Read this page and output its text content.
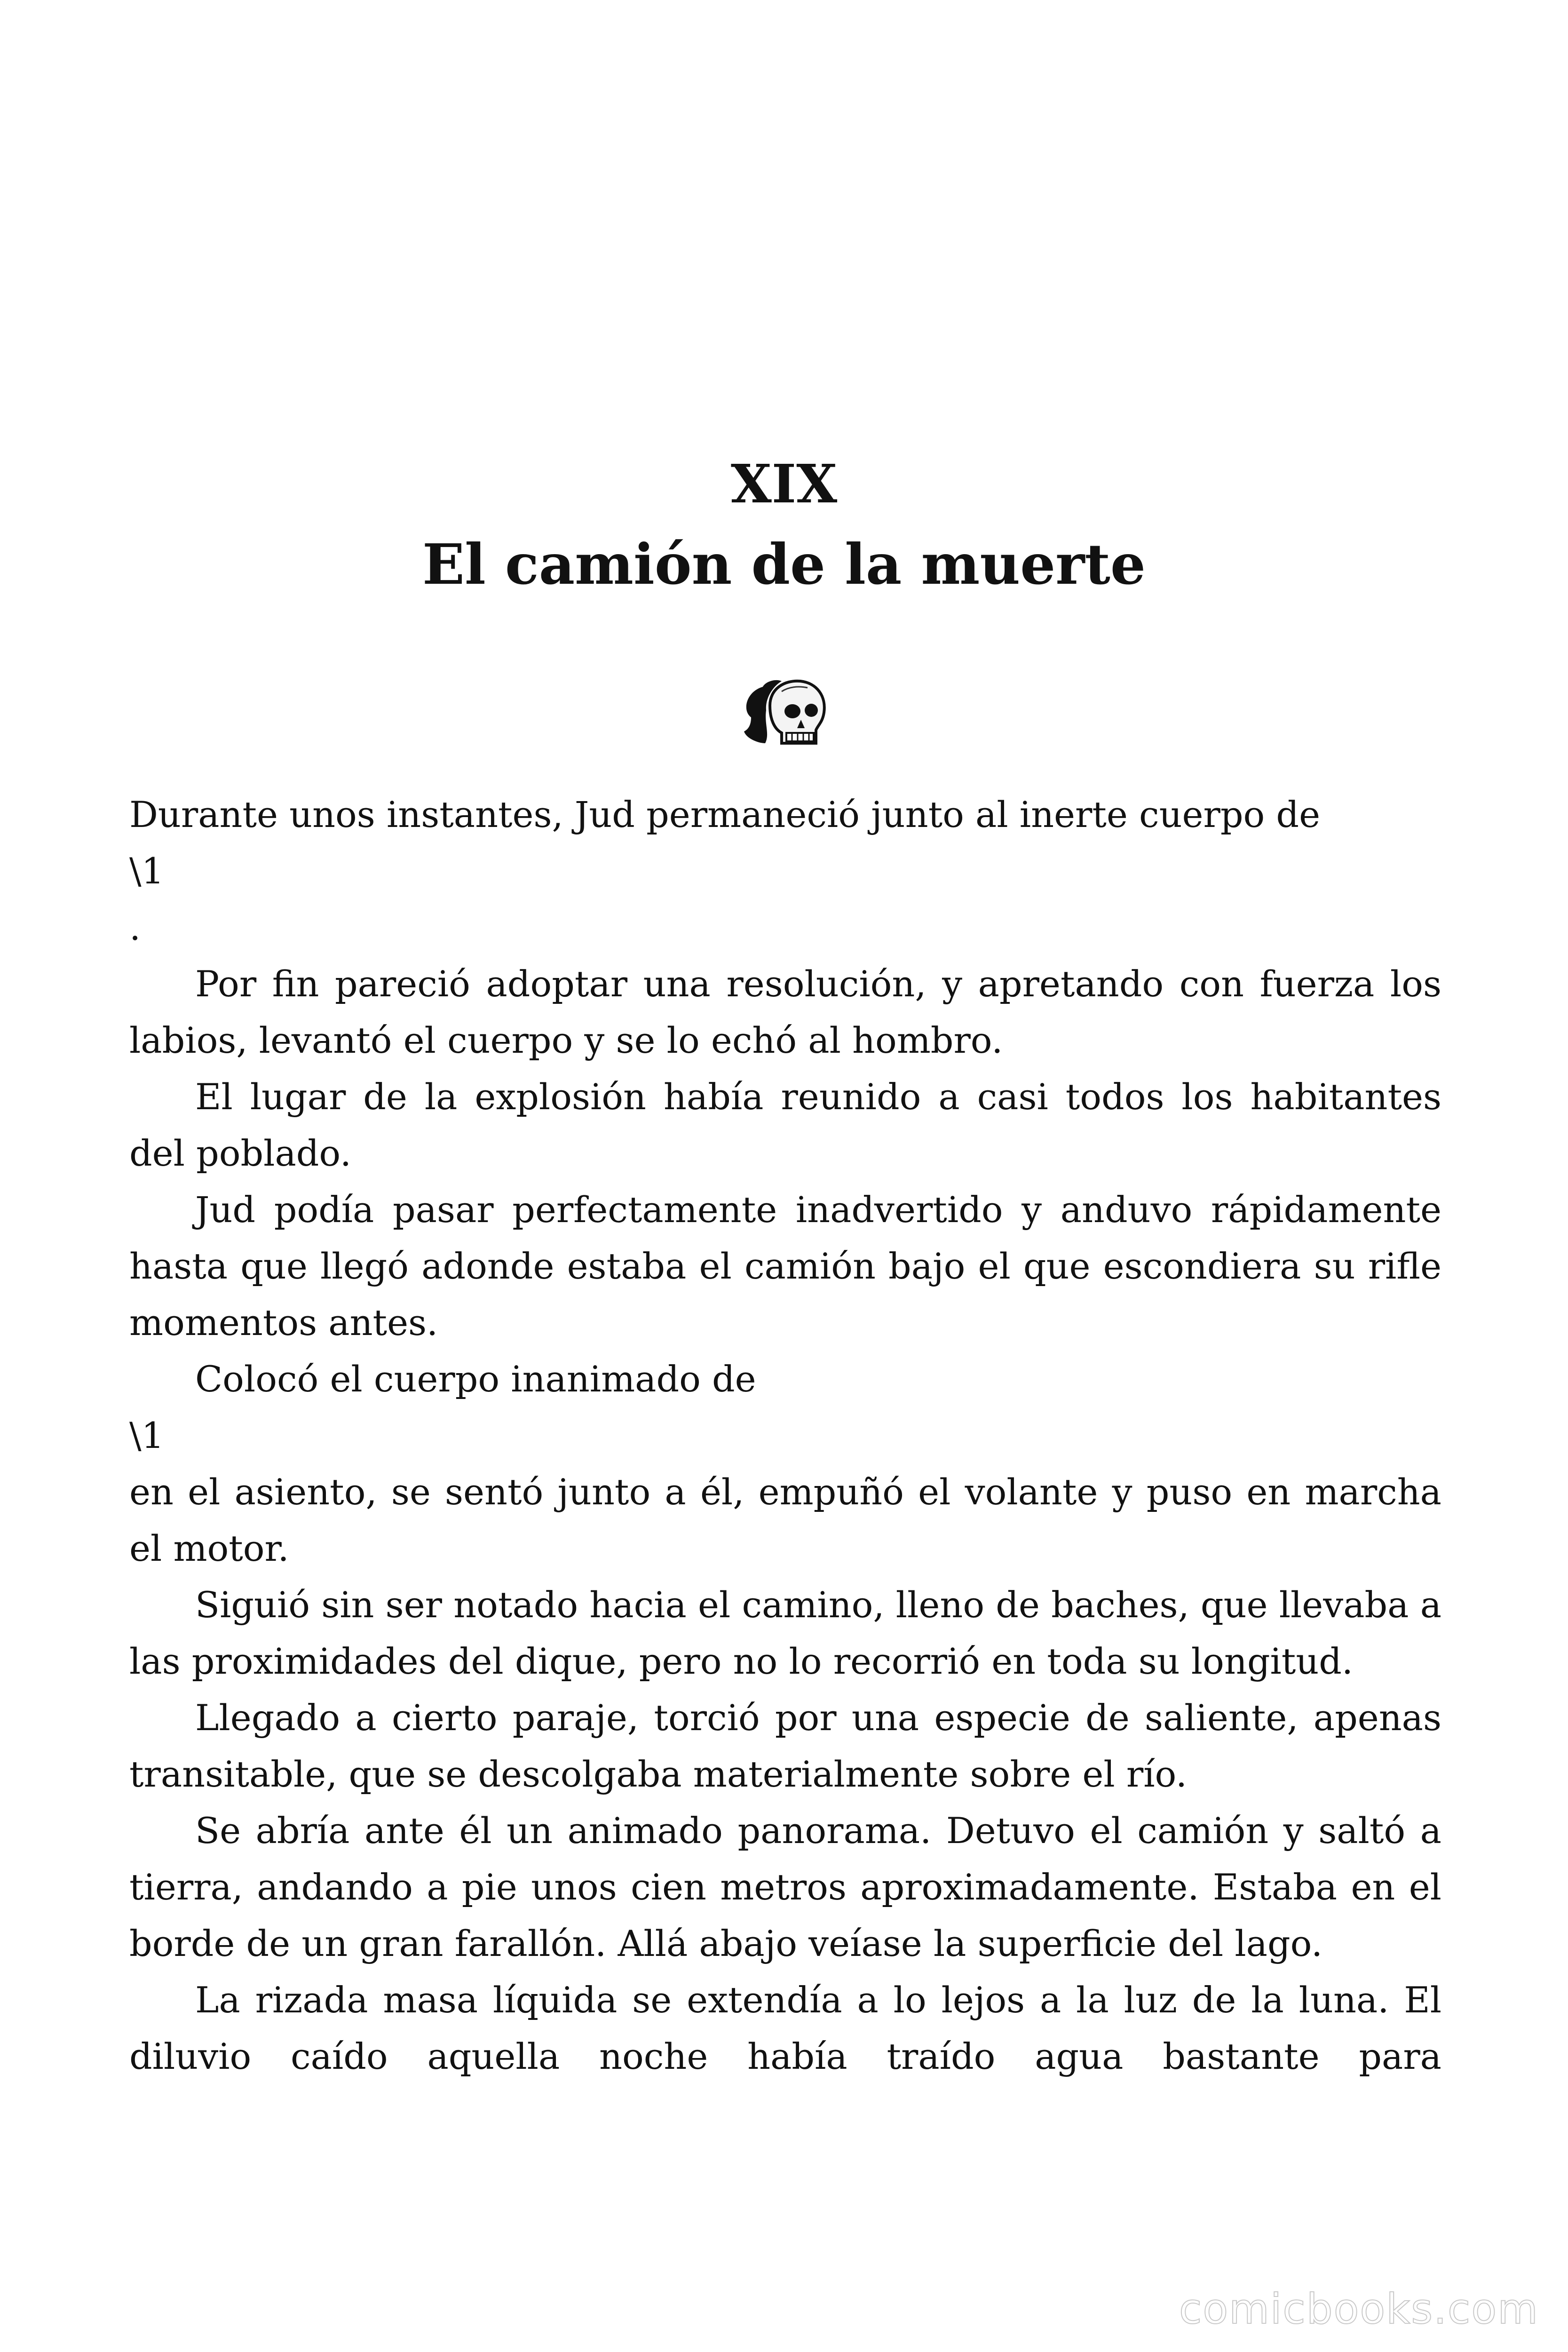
XIX
El camión de la muerte

Durante unos instantes, Jud permaneció junto al inerte cuerpo de

\1

.

Por fin pareció adoptar una resolución, y apretando con fuerza los labios, levantó el cuerpo y se lo echó al hombro.

El lugar de la explosión había reunido a casi todos los habitantes del poblado.

Jud podía pasar perfectamente inadvertido y anduvo rápidamente hasta que llegó adonde estaba el camión bajo el que escondiera su rifle momentos antes.

Colocó el cuerpo inanimado de

\1

en el asiento, se sentó junto a él, empuñó el volante y puso en marcha el motor.

Siguió sin ser notado hacia el camino, lleno de baches, que llevaba a las proximidades del dique, pero no lo recorrió en toda su longitud.

Llegado a cierto paraje, torció por una especie de saliente, apenas transitable, que se descolgaba materialmente sobre el río.

Se abría ante él un animado panorama. Detuvo el camión y saltó a tierra, andando a pie unos cien metros aproximadamente. Estaba en el borde de un gran farallón. Allá abajo veíase la superficie del lago.

La rizada masa líquida se extendía a lo lejos a la luz de la luna. El diluvio caído aquella noche había traído agua bastante para

comicbooks.com
